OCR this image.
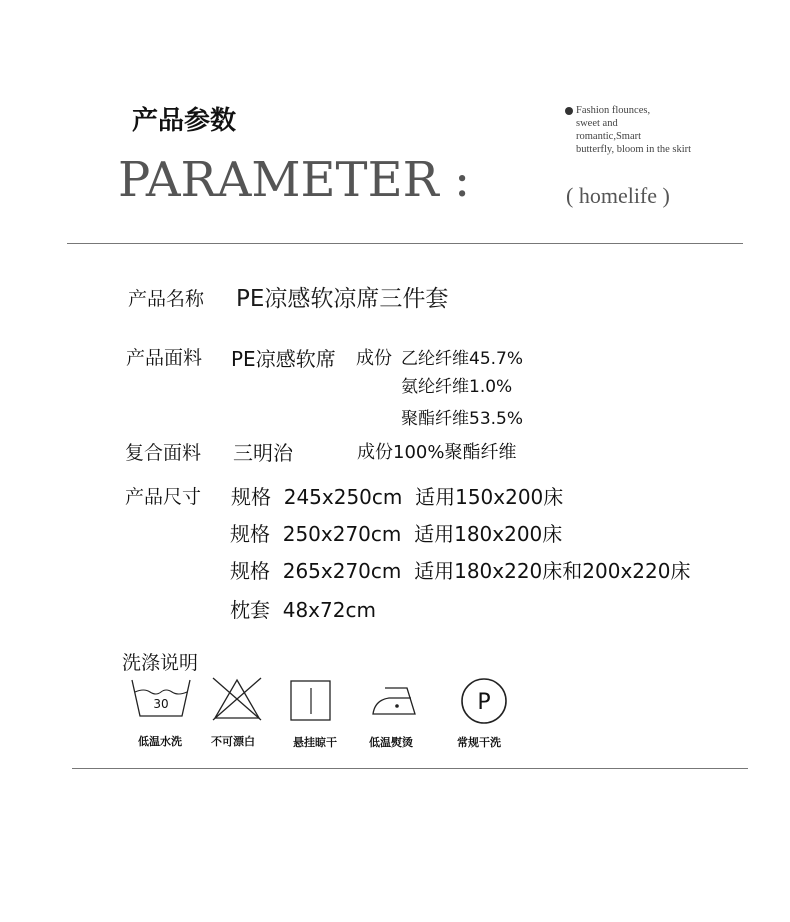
产品参数
PARAMETER :
Fashion flounces,
sweet and
romantic,Smart
butterfly, bloom in the skirt
( homelife )
产品名称 PE凉感软凉席三件套
产品面料 PE凉感软席 成份 乙纶纤维45.7%
氨纶纤维1.0%
聚酯纤维53.5%
复合面料 三明治	成份100%聚酯纤维
产品尺寸 规格  245x250cm  适用150x200床
规格  250x270cm  适用180x200床
规格  265x270cm  适用180x220床和200x220床
枕套  48x72cm
洗涤说明
30	P
低温水洗	不可漂白	悬挂晾干	低温熨烫	常规干洗
